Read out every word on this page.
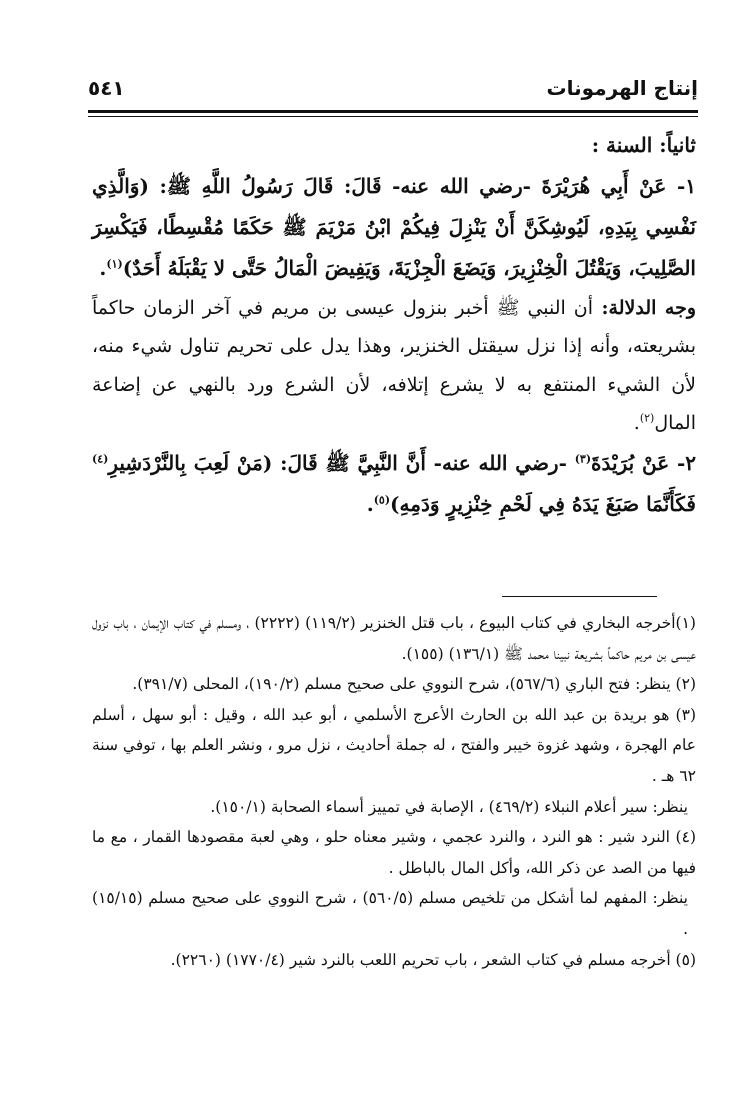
إنتاج الهرمونات
٥٤١

ثانياً: السنة :

١- عَنْ أَبِي هُرَيْرَةَ -رضي الله عنه- قَالَ: قَالَ رَسُولُ اللَّهِ ﷺ: (وَالَّذِي نَفْسِي بِيَدِهِ، لَيُوشِكَنَّ أَنْ يَنْزِلَ فِيكُمْ ابْنُ مَرْيَمَ ﷺ حَكَمًا مُقْسِطًا، فَيَكْسِرَ الصَّلِيبَ، وَيَقْتُلَ الْخِنْزِيرَ، وَيَضَعَ الْجِزْيَةَ، وَيَفِيضَ الْمَالُ حَتَّى لا يَقْبَلَهُ أَحَدٌ)$^{(١)}$.

وجه الدلالة: أن النبي ﷺ أخبر بنزول عيسى بن مريم في آخر الزمان حاكماً بشريعته، وأنه إذا نزل سيقتل الخنزير، وهذا يدل على تحريم تناول شيء منه، لأن الشيء المنتفع به لا يشرع إتلافه، لأن الشرع ورد بالنهي عن إضاعة المال$^{(٢)}$.

٢- عَنْ بُرَيْدَةَ$^{(٣)}$ -رضي الله عنه- أَنَّ النَّبِيَّ ﷺ قَالَ: (مَنْ لَعِبَ بِالنَّرْدَشِيرِ$^{(٤)}$ فَكَأَنَّمَا صَبَغَ يَدَهُ فِي لَحْمِ خِنْزِيرٍ وَدَمِهِ)$^{(٥)}$.

(١)أخرجه البخاري في كتاب البيوع ، باب قتل الخنزير (١١٩/٢) (٢٢٢٢) ، ومسلم في كتاب الإيمان ، باب نزول عيسى بن مريم حاكماً بشريعة نبينا محمد ﷺ (١٣٦/١) (١٥٥).

(٢) ينظر: فتح الباري (٥٦٧/٦)، شرح النووي على صحيح مسلم (١٩٠/٢)، المحلى (٣٩١/٧).

(٣) هو بريدة بن عبد الله بن الحارث الأعرج الأسلمي ، أبو عبد الله ، وقيل : أبو سهل ، أسلم عام الهجرة ، وشهد غزوة خيبر والفتح ، له جملة أحاديث ، نزل مرو ، ونشر العلم بها ، توفي سنة ٦٢ هـ .

ينظر: سير أعلام النبلاء (٤٦٩/٢) ، الإصابة في تمييز أسماء الصحابة (١٥٠/١).

(٤) النرد شير : هو النرد ، والنرد عجمي ، وشير معناه حلو ، وهي لعبة مقصودها القمار ، مع ما فيها من الصد عن ذكر الله، وأكل المال بالباطل .

ينظر: المفهم لما أشكل من تلخيص مسلم (٥٦٠/٥) ، شرح النووي على صحيح مسلم (١٥/١٥) .

(٥) أخرجه مسلم في كتاب الشعر ، باب تحريم اللعب بالنرد شير (١٧٧٠/٤) (٢٢٦٠).
